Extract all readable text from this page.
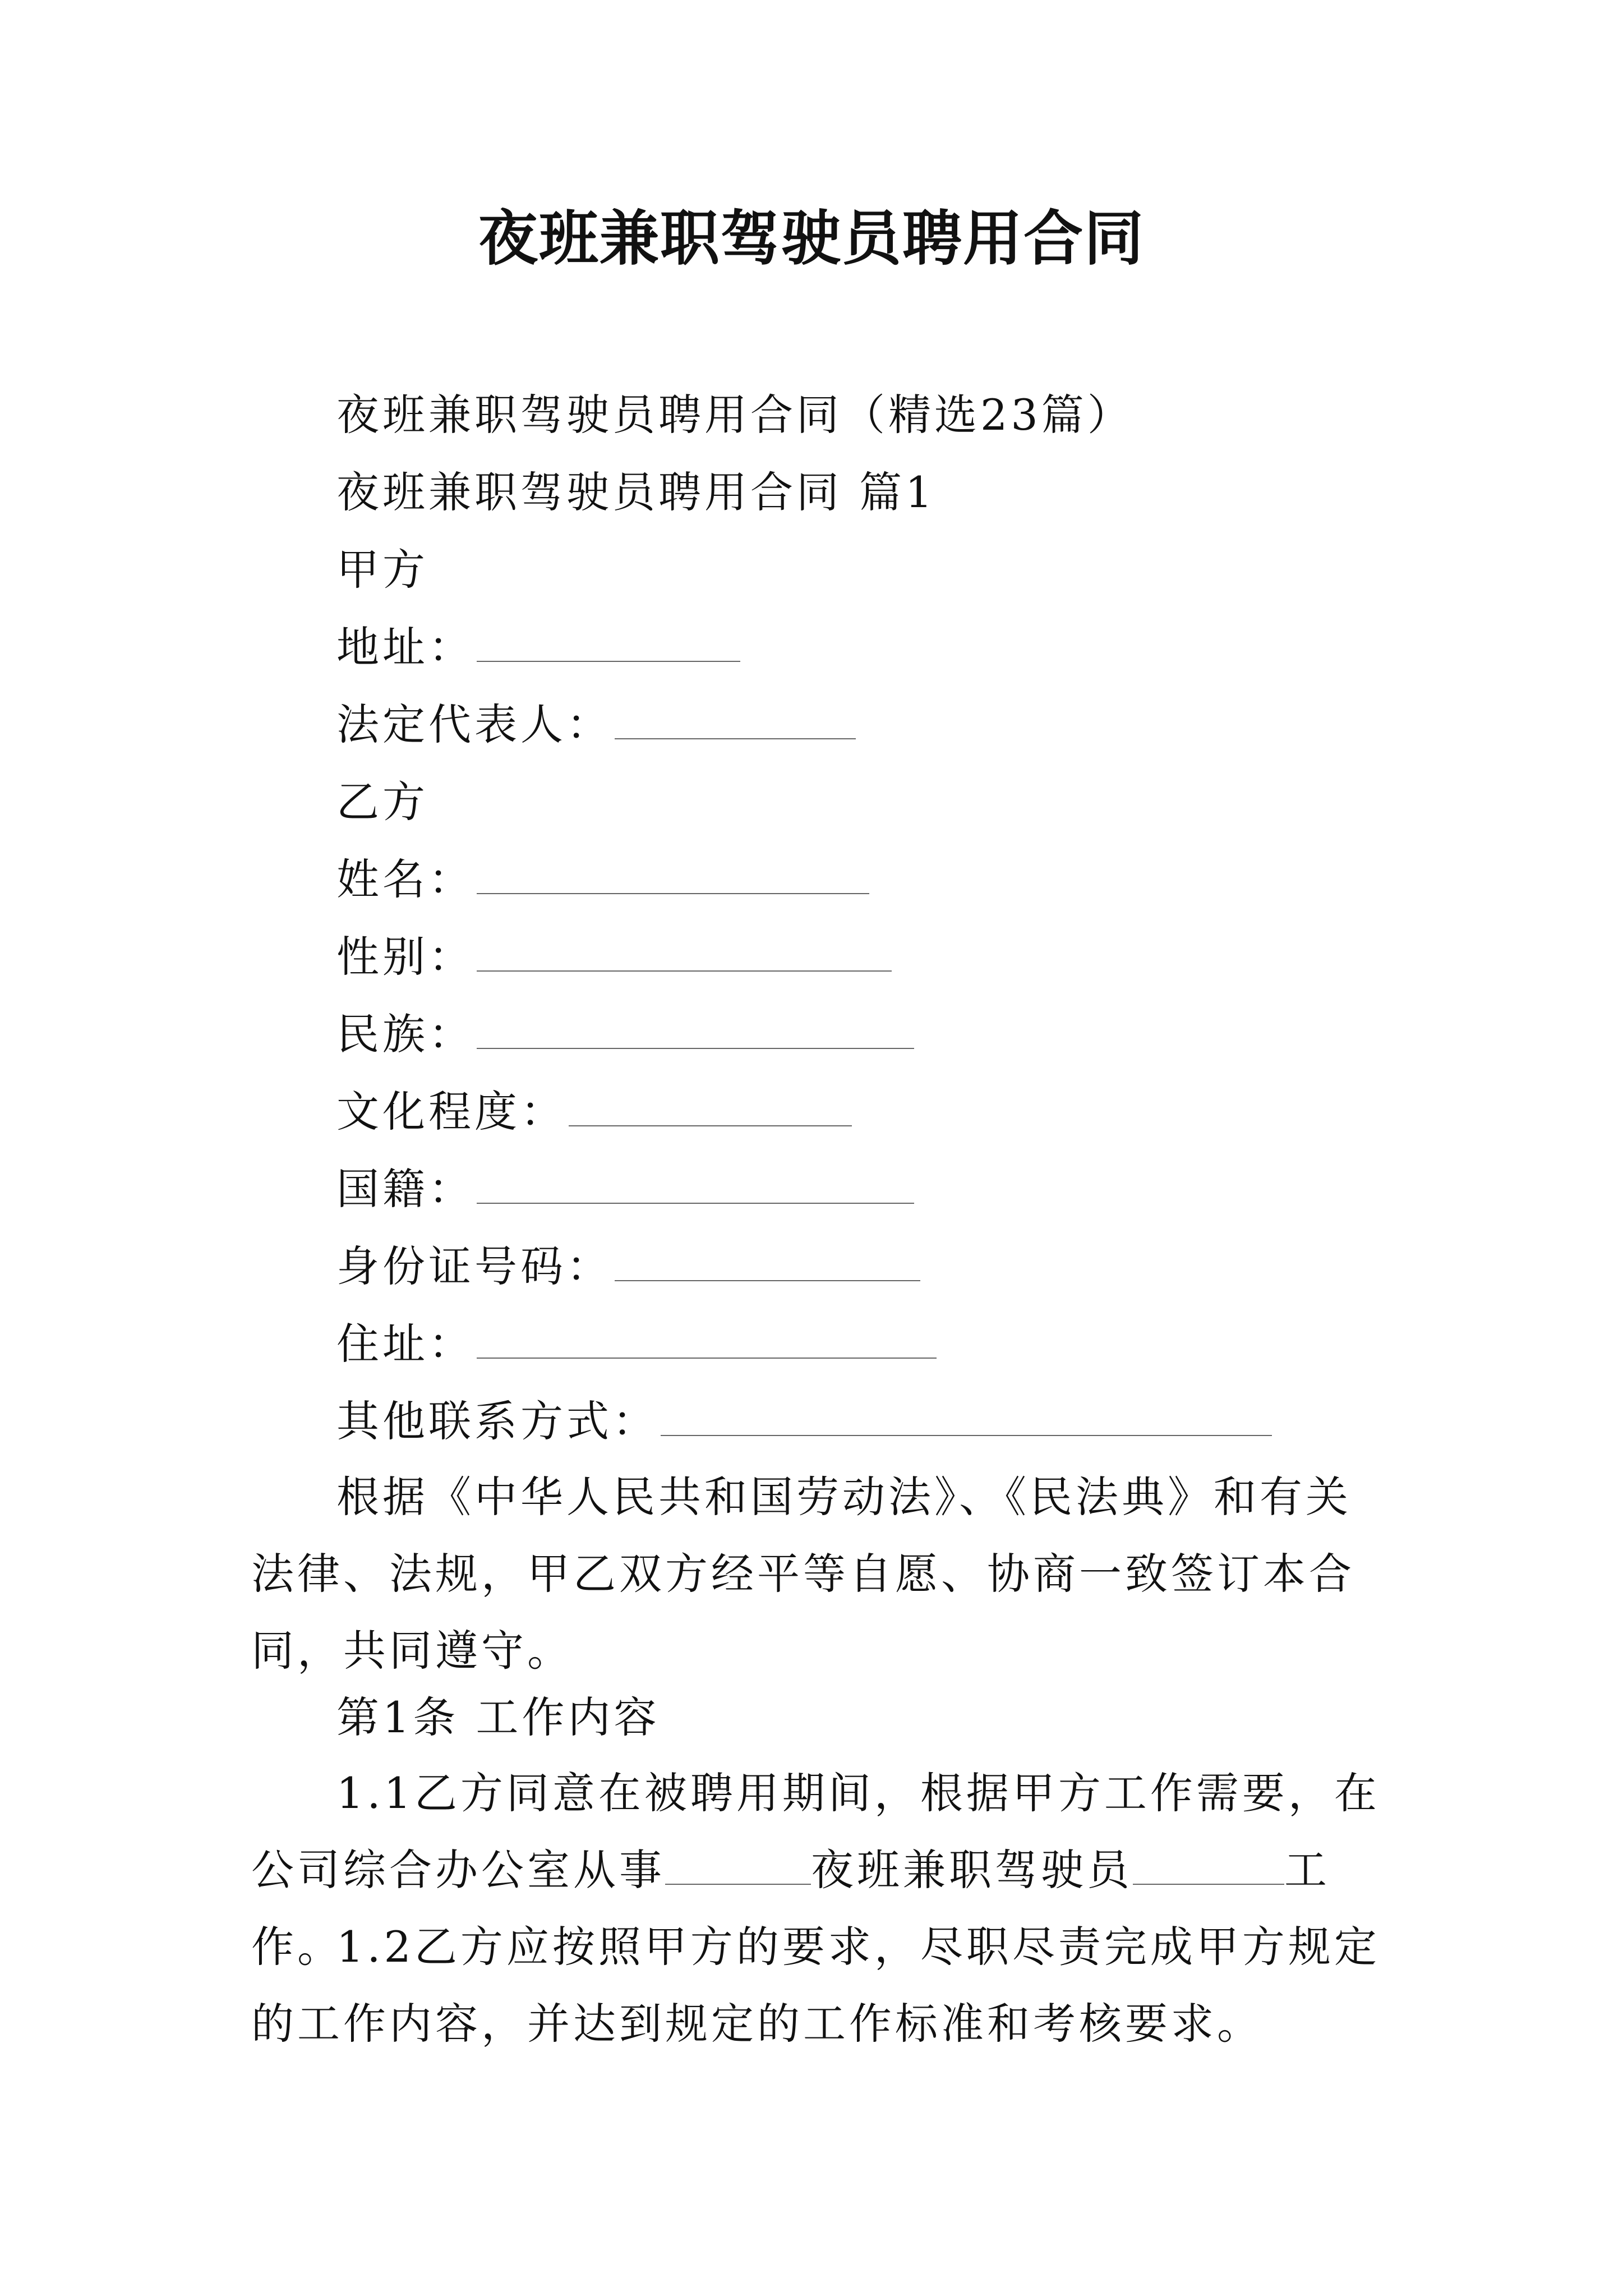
夜班兼职驾驶员聘用合同
夜班兼职驾驶员聘用合同（精选23篇）
夜班兼职驾驶员聘用合同 篇1
甲方
地址：
法定代表人：
乙方
姓名：
性别：
民族：
文化程度：
国籍：
身份证号码：
住址：
其他联系方式：
根据《中华人民共和国劳动法》、《民法典》和有关法律、法规，甲乙双方经平等自愿、协商一致签订本合同，共同遵守。
第1条 工作内容
1.1乙方同意在被聘用期间，根据甲方工作需要，在公司综合办公室从事	夜班兼职驾驶员	工作。
1.2乙方应按照甲方的要求，尽职尽责完成甲方规定的工作内容，并达到规定的工作标准和考核要求。
